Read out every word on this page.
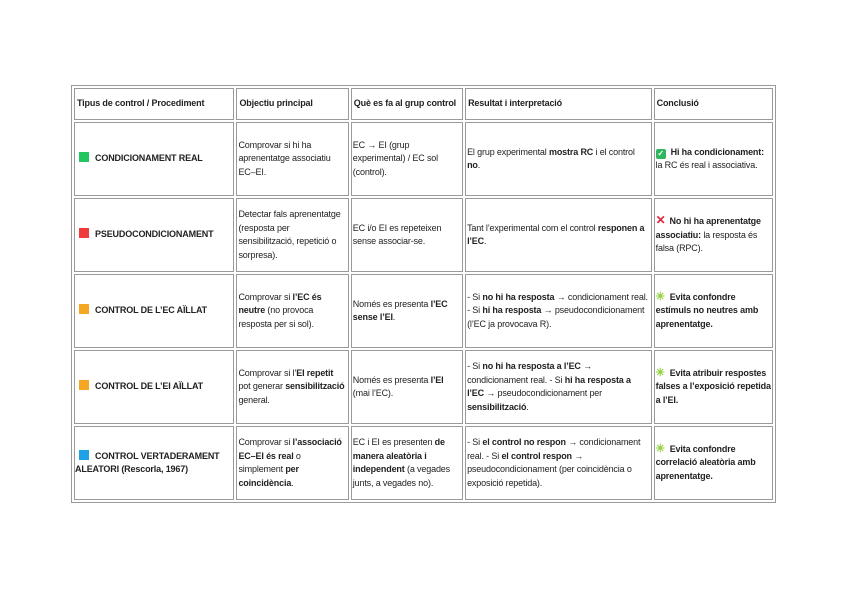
Tipus de control / Procediment	Objectiu principal	Què es fa al grup control	Resultat i interpretació	Conclusió
CONDICIONAMENT REAL	Comprovar si hi ha aprenentatge associatiu EC–EI.	EC → EI (grup experimental) / EC sol (control).	El grup experimental mostra RC i el control no.	✓ Hi ha condicionament: la RC és real i associativa.
PSEUDOCONDICIONAMENT	Detectar fals aprenentatge (resposta per sensibilització, repetició o sorpresa).	EC i/o EI es repeteixen sense associar-se.	Tant l’experimental com el control responen a l’EC.	✕ No hi ha aprenentatge associatiu: la resposta és falsa (RPC).
CONTROL DE L’EC AÏLLAT	Comprovar si l’EC és neutre (no provoca resposta per si sol).	Només es presenta l’EC sense l’EI.	- Si no hi ha resposta → condicionament real. - Si hi ha resposta → pseudocondicionament (l’EC ja provocava R).	✳ Evita confondre estímuls no neutres amb aprenentatge.
CONTROL DE L’EI AÏLLAT	Comprovar si l’EI repetit pot generar sensibilització general.	Només es presenta l’EI (mai l’EC).	- Si no hi ha resposta a l’EC → condicionament real. - Si hi ha resposta a l’EC → pseudocondicionament per sensibilització.	✳ Evita atribuir respostes falses a l’exposició repetida a l’EI.
CONTROL VERTADERAMENT ALEATORI (Rescorla, 1967)	Comprovar si l’associació EC–EI és real o simplement per coincidència.	EC i EI es presenten de manera aleatòria i independent (a vegades junts, a vegades no).	- Si el control no respon → condicionament real. - Si el control respon → pseudocondicionament (per coincidència o exposició repetida).	✳ Evita confondre correlació aleatòria amb aprenentatge.
